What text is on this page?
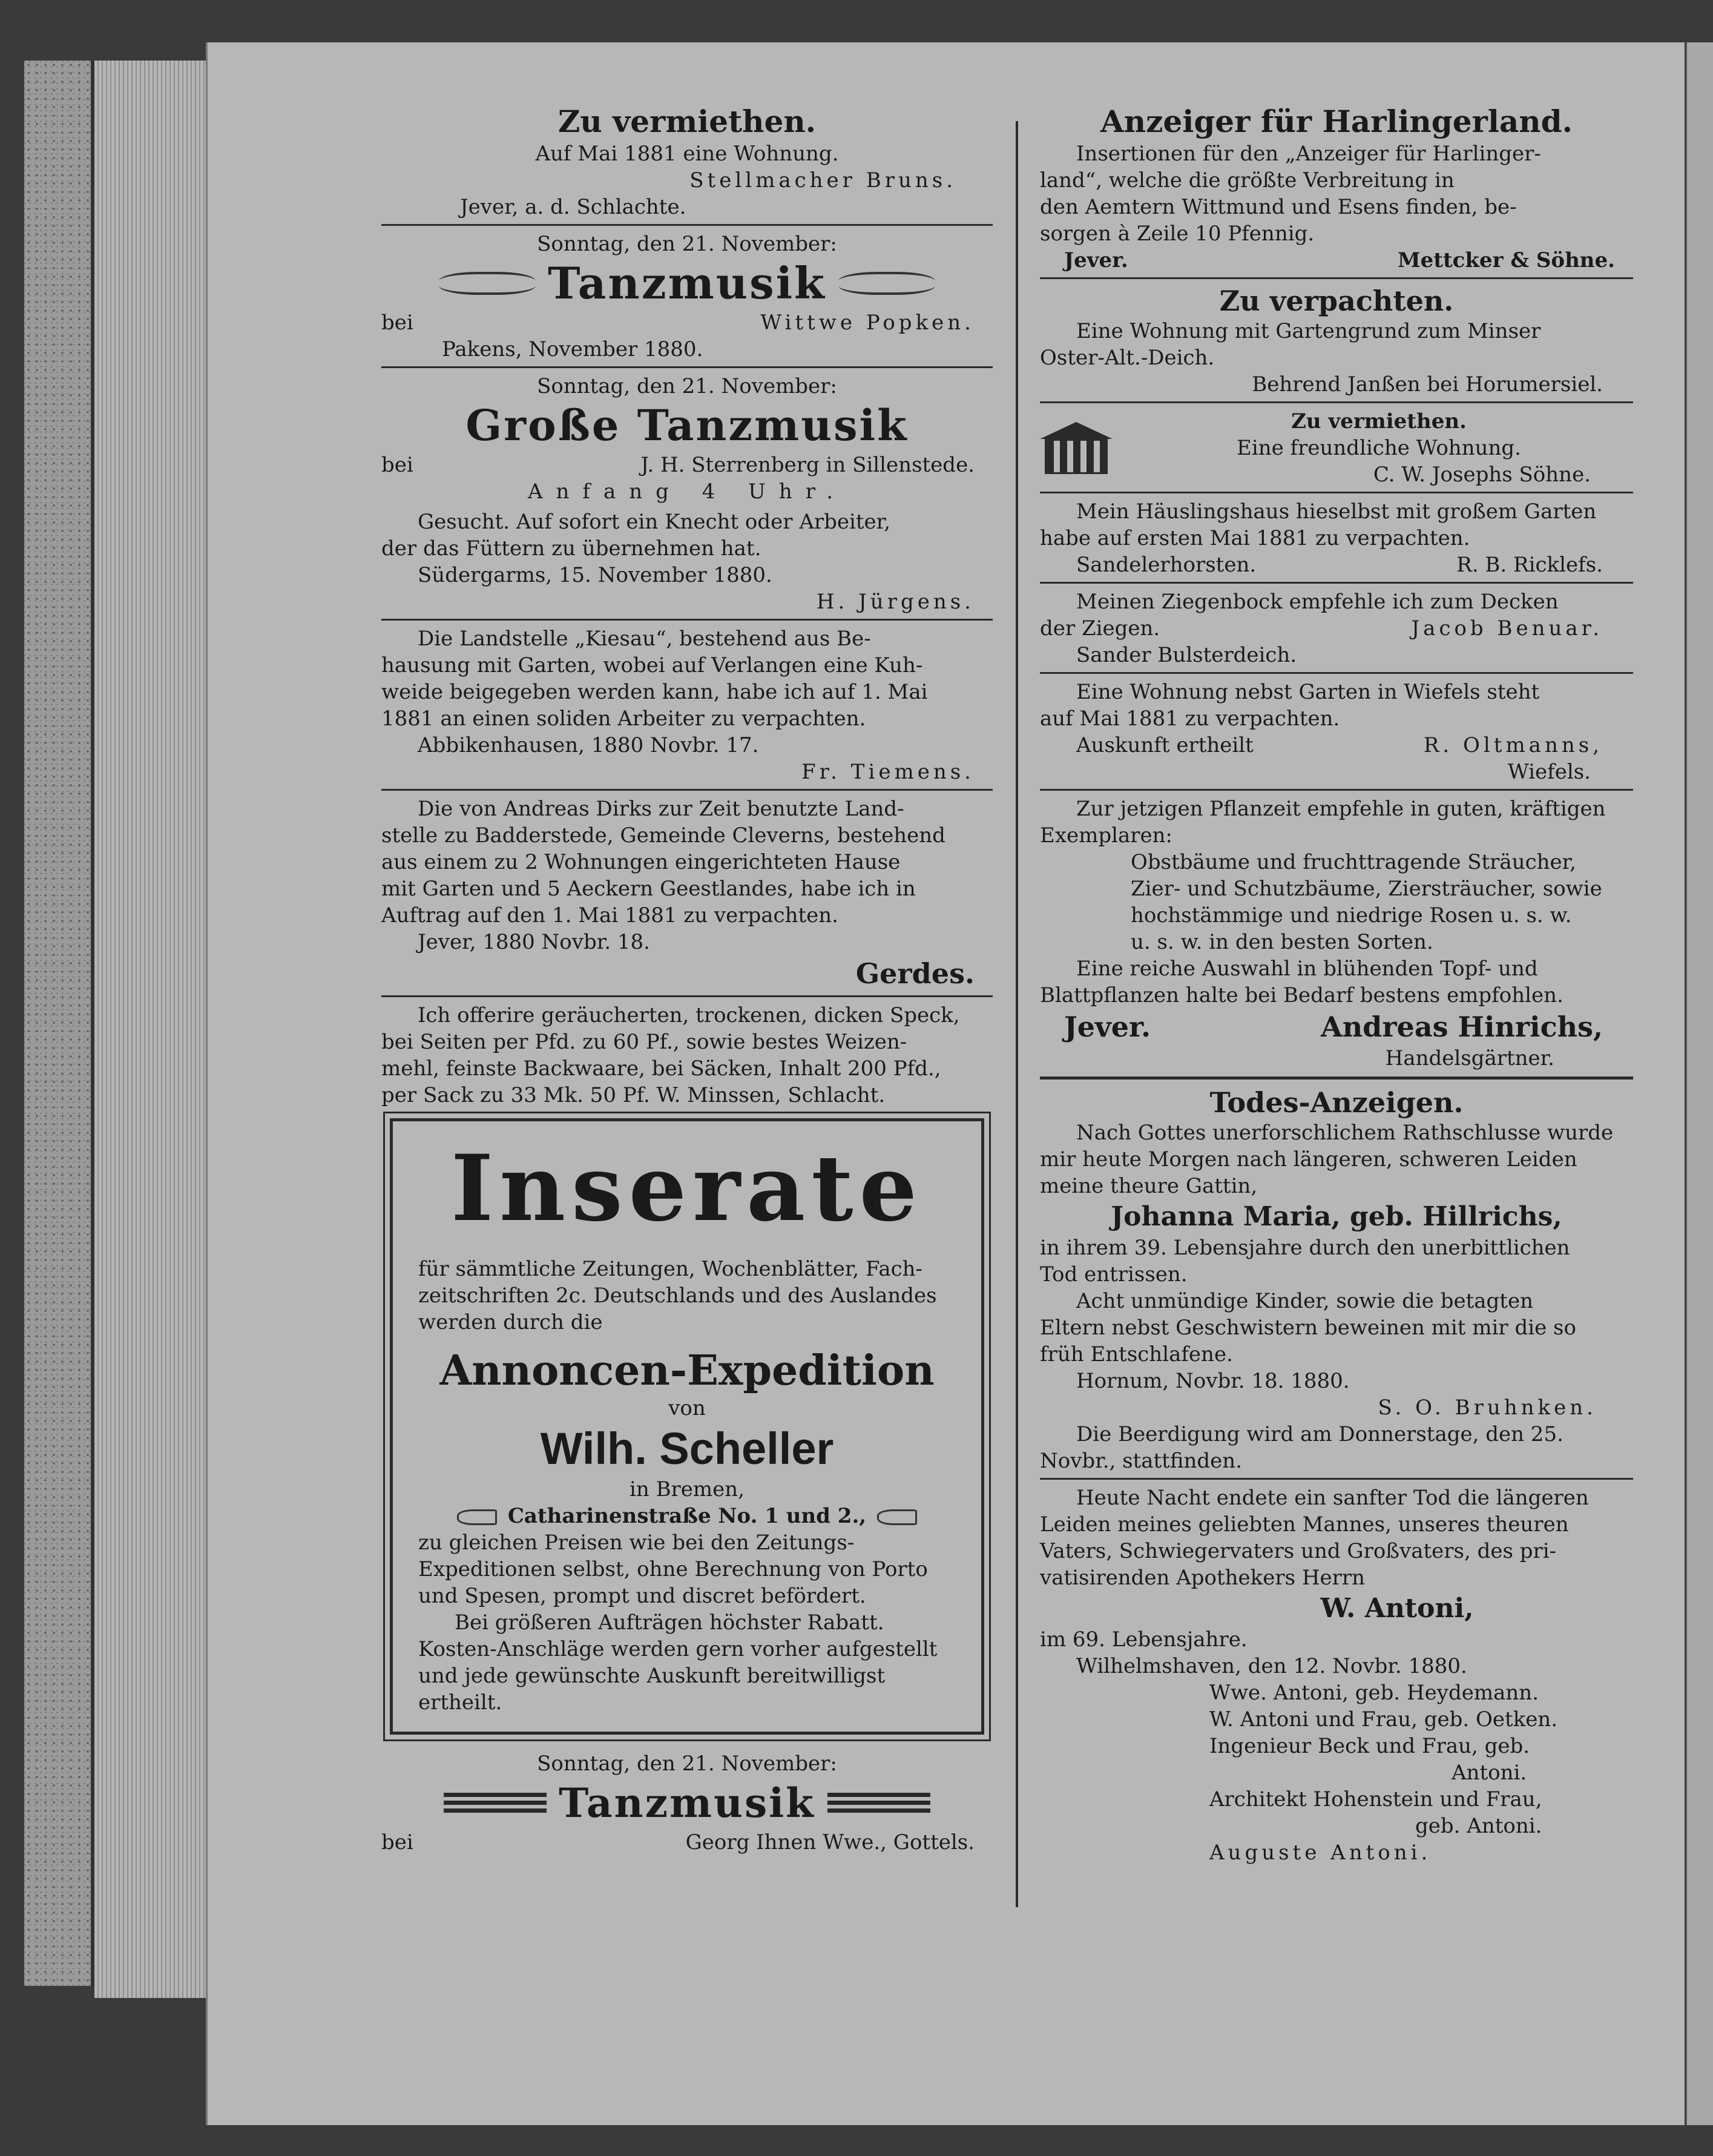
Zu vermiethen.
Auf Mai 1881 eine Wohnung.
Stellmacher Bruns.
Jever, a. d. Schlachte.
Sonntag, den 21. November:
Tanzmusik
bei	Wittwe Popken.
Pakens, November 1880.
Sonntag, den 21. November:
Große Tanzmusik
bei	J. H. Sterrenberg in Sillenstede.
Anfang 4 Uhr.
Gesucht. Auf sofort ein Knecht oder Arbeiter,
der das Füttern zu übernehmen hat.
Südergarms, 15. November 1880.
H. Jürgens.
Die Landstelle „Kiesau“, bestehend aus Be-
hausung mit Garten, wobei auf Verlangen eine Kuh-
weide beigegeben werden kann, habe ich auf 1. Mai
1881 an einen soliden Arbeiter zu verpachten.
Abbikenhausen, 1880 Novbr. 17.
Fr. Tiemens.
Die von Andreas Dirks zur Zeit benutzte Land-
stelle zu Badderstede, Gemeinde Cleverns, bestehend
aus einem zu 2 Wohnungen eingerichteten Hause
mit Garten und 5 Aeckern Geestlandes, habe ich in
Auftrag auf den 1. Mai 1881 zu verpachten.
Jever, 1880 Novbr. 18.
Gerdes.
Ich offerire geräucherten, trockenen, dicken Speck,
bei Seiten per Pfd. zu 60 Pf., sowie bestes Weizen-
mehl, feinste Backwaare, bei Säcken, Inhalt 200 Pfd.,
per Sack zu 33 Mk. 50 Pf. W. Minssen, Schlacht.
Inserate
für sämmtliche Zeitungen, Wochenblätter, Fach-
zeitschriften 2c. Deutschlands und des Auslandes
werden durch die
Annoncen-Expedition
von
Wilh. Scheller
in Bremen,
Catharinenstraße No. 1 und 2.,
zu gleichen Preisen wie bei den Zeitungs-
Expeditionen selbst, ohne Berechnung von Porto
und Spesen, prompt und discret befördert.
Bei größeren Aufträgen höchster Rabatt.
Kosten-Anschläge werden gern vorher aufgestellt
und jede gewünschte Auskunft bereitwilligst
ertheilt.
Sonntag, den 21. November:
Tanzmusik
bei	Georg Ihnen Wwe., Gottels.
Anzeiger für Harlingerland.
Insertionen für den „Anzeiger für Harlinger-
land“, welche die größte Verbreitung in
den Aemtern Wittmund und Esens finden, be-
sorgen à Zeile 10 Pfennig.
Jever.	Mettcker & Söhne.
Zu verpachten.
Eine Wohnung mit Gartengrund zum Minser
Oster-Alt.-Deich.
Behrend Janßen bei Horumersiel.
Zu vermiethen.
Eine freundliche Wohnung.
C. W. Josephs Söhne.
Mein Häuslingshaus hieselbst mit großem Garten
habe auf ersten Mai 1881 zu verpachten.
Sandelerhorsten.	R. B. Ricklefs.
Meinen Ziegenbock empfehle ich zum Decken
der Ziegen.	Jacob Benuar.
Sander Bulsterdeich.
Eine Wohnung nebst Garten in Wiefels steht
auf Mai 1881 zu verpachten.
Auskunft ertheilt	R. Oltmanns,
Wiefels.
Zur jetzigen Pflanzeit empfehle in guten, kräftigen
Exemplaren:
Obstbäume und fruchttragende Sträucher,
Zier- und Schutzbäume, Ziersträucher, sowie
hochstämmige und niedrige Rosen u. s. w.
u. s. w. in den besten Sorten.
Eine reiche Auswahl in blühenden Topf- und
Blattpflanzen halte bei Bedarf bestens empfohlen.
Jever.	Andreas Hinrichs,
Handelsgärtner.
Todes-Anzeigen.
Nach Gottes unerforschlichem Rathschlusse wurde
mir heute Morgen nach längeren, schweren Leiden
meine theure Gattin,
Johanna Maria, geb. Hillrichs,
in ihrem 39. Lebensjahre durch den unerbittlichen
Tod entrissen.
Acht unmündige Kinder, sowie die betagten
Eltern nebst Geschwistern beweinen mit mir die so
früh Entschlafene.
Hornum, Novbr. 18. 1880.
S. O. Bruhnken.
Die Beerdigung wird am Donnerstage, den 25.
Novbr., stattfinden.
Heute Nacht endete ein sanfter Tod die längeren
Leiden meines geliebten Mannes, unseres theuren
Vaters, Schwiegervaters und Großvaters, des pri-
vatisirenden Apothekers Herrn
W. Antoni,
im 69. Lebensjahre.
Wilhelmshaven, den 12. Novbr. 1880.
Wwe. Antoni, geb. Heydemann.
W. Antoni und Frau, geb. Oetken.
Ingenieur Beck und Frau, geb.
Antoni.
Architekt Hohenstein und Frau,
geb. Antoni.
Auguste Antoni.
